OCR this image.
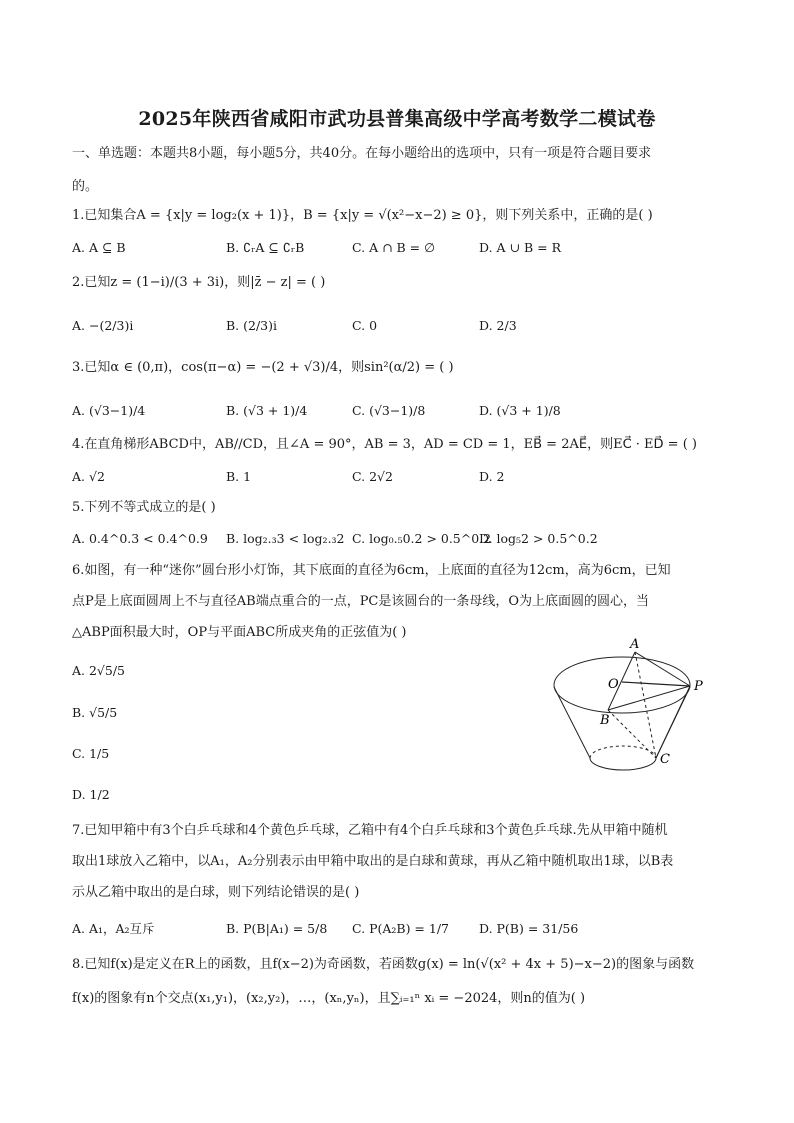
2025年陕西省咸阳市武功县普集高级中学高考数学二模试卷
一、单选题：本题共8小题，每小题5分，共40分。在每小题给出的选项中，只有一项是符合题目要求
的。
1.已知集合A = {x|y = log₂(x + 1)}，B = {x|y = √(x²−x−2) ≥ 0}，则下列关系中，正确的是( )
A. A ⊆ B	B. ∁ᵣA ⊆ ∁ᵣB	C. A ∩ B = ∅	D. A ∪ B = R
2.已知z = (1−i)/(3 + 3i)，则|z̄ − z| = ( )
A. −(2/3)i	B. (2/3)i	C. 0	D. 2/3
3.已知α ∈ (0,π)，cos(π−α) = −(2 + √3)/4，则sin²(α/2) = ( )
A. (√3−1)/4	B. (√3 + 1)/4	C. (√3−1)/8	D. (√3 + 1)/8
4.在直角梯形ABCD中，AB//CD，且∠A = 90°，AB = 3，AD = CD = 1，EB⃗ = 2AE⃗，则EC⃗ · ED⃗ = ( )
A. √2	B. 1	C. 2√2	D. 2
5.下列不等式成立的是( )
A. 0.4^0.3 < 0.4^0.9 B. log₂.₃3 < log₂.₃2 C. log₀.₅0.2 > 0.5^0.2
D. log₅2 > 0.5^0.2
6.如图，有一种“迷你”圆台形小灯饰，其下底面的直径为6cm，上底面的直径为12cm，高为6cm，已知
点P是上底面圆周上不与直径AB端点重合的一点，PC是该圆台的一条母线，O为上底面圆的圆心，当
△ABP面积最大时，OP与平面ABC所成夹角的正弦值为( )
A. 2√5/5
B. √5/5
C. 1/5
D. 1/2
A
O	P
B
C
7.已知甲箱中有3个白乒乓球和4个黄色乒乓球，乙箱中有4个白乒乓球和3个黄色乒乓球.先从甲箱中随机
取出1球放入乙箱中，以A₁，A₂分别表示由甲箱中取出的是白球和黄球，再从乙箱中随机取出1球，以B表
示从乙箱中取出的是白球，则下列结论错误的是( )
A. A₁，A₂互斥	B. P(B|A₁) = 5/8 C. P(A₂B) = 1/7 D. P(B) = 31/56
8.已知f(x)是定义在R上的函数，且f(x−2)为奇函数，若函数g(x) = ln(√(x² + 4x + 5)−x−2)的图象与函数
f(x)的图象有n个交点(x₁,y₁)，(x₂,y₂)，…，(xₙ,yₙ)，且∑ᵢ₌₁ⁿ xᵢ = −2024，则n的值为( )
